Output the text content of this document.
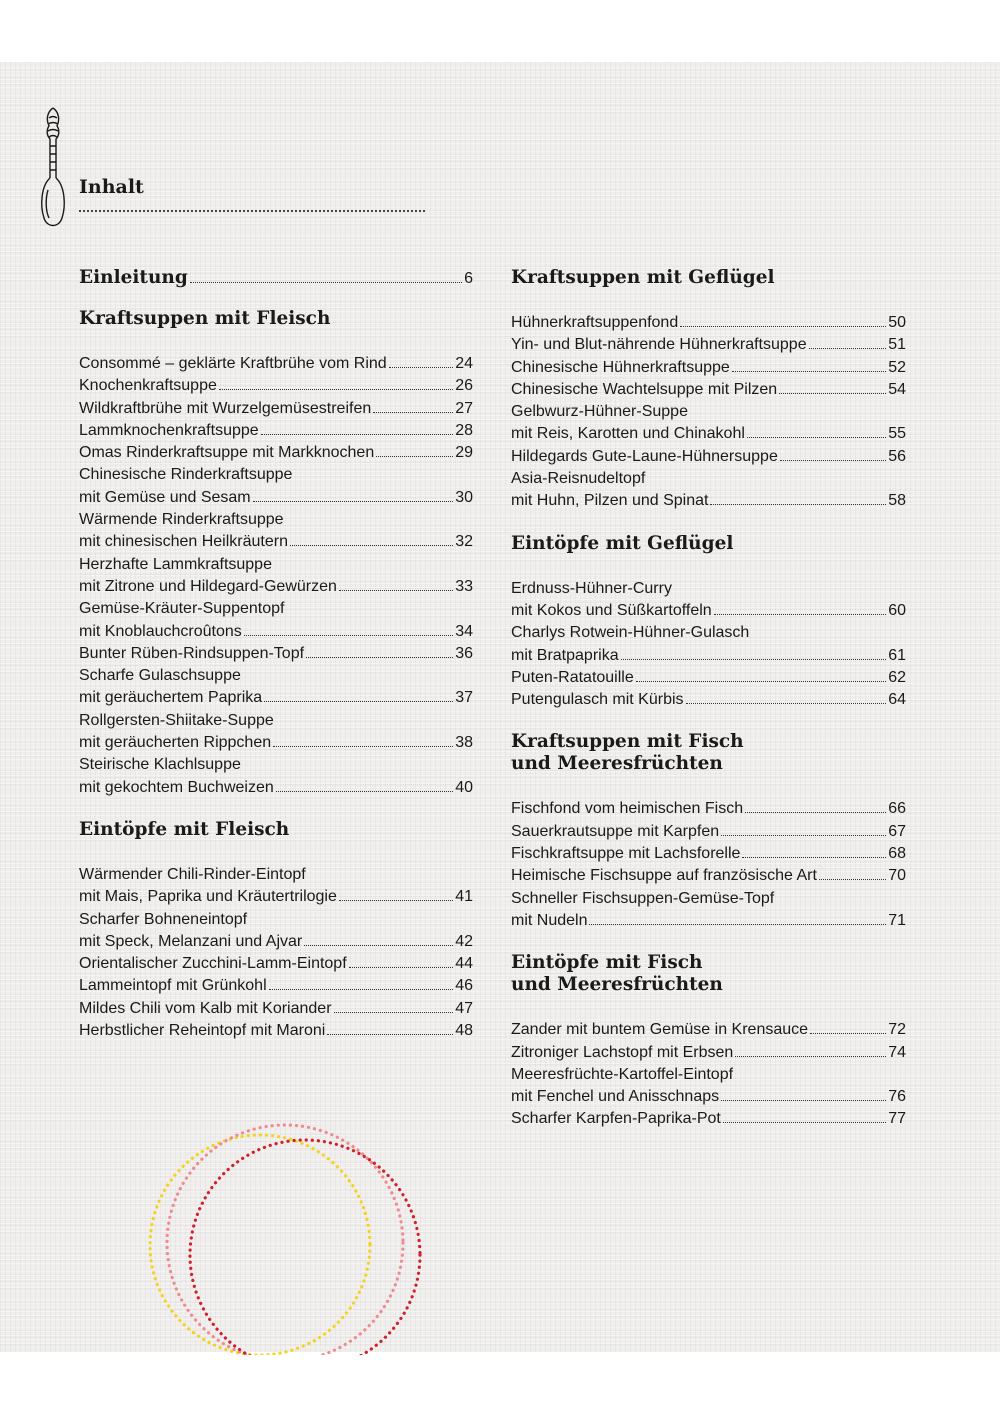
Inhalt
Einleitung	6
Kraftsuppen mit Fleisch
Consommé – geklärte Kraftbrühe vom Rind	24
Knochenkraftsuppe	26
Wildkraftbrühe mit Wurzelgemüsestreifen	27
Lammknochenkraftsuppe	28
Omas Rinderkraftsuppe mit Markknochen	29
Chinesische Rinderkraftsuppe
mit Gemüse und Sesam	30
Wärmende Rinderkraftsuppe
mit chinesischen Heilkräutern	32
Herzhafte Lammkraftsuppe
mit Zitrone und Hildegard-Gewürzen	33
Gemüse-Kräuter-Suppentopf
mit Knoblauchcroûtons	34
Bunter Rüben-Rindsuppen-Topf	36
Scharfe Gulaschsuppe
mit geräuchertem Paprika	37
Rollgersten-Shiitake-Suppe
mit geräucherten Rippchen	38
Steirische Klachlsuppe
mit gekochtem Buchweizen	40
Eintöpfe mit Fleisch
Wärmender Chili-Rinder-Eintopf
mit Mais, Paprika und Kräutertrilogie	41
Scharfer Bohneneintopf
mit Speck, Melanzani und Ajvar	42
Orientalischer Zucchini-Lamm-Eintopf	44
Lammeintopf mit Grünkohl	46
Mildes Chili vom Kalb mit Koriander	47
Herbstlicher Reheintopf mit Maroni	48
Kraftsuppen mit Geflügel
Hühnerkraftsuppenfond	50
Yin- und Blut-nährende Hühnerkraftsuppe	51
Chinesische Hühnerkraftsuppe	52
Chinesische Wachtelsuppe mit Pilzen	54
Gelbwurz-Hühner-Suppe
mit Reis, Karotten und Chinakohl	55
Hildegards Gute-Laune-Hühnersuppe	56
Asia-Reisnudeltopf
mit Huhn, Pilzen und Spinat	58
Eintöpfe mit Geflügel
Erdnuss-Hühner-Curry
mit Kokos und Süßkartoffeln	60
Charlys Rotwein-Hühner-Gulasch
mit Bratpaprika	61
Puten-Ratatouille	62
Putengulasch mit Kürbis	64
Kraftsuppen mit Fisch
und Meeresfrüchten
Fischfond vom heimischen Fisch	66
Sauerkrautsuppe mit Karpfen	67
Fischkraftsuppe mit Lachsforelle	68
Heimische Fischsuppe auf französische Art	70
Schneller Fischsuppen-Gemüse-Topf
mit Nudeln	71
Eintöpfe mit Fisch
und Meeresfrüchten
Zander mit buntem Gemüse in Krensauce	72
Zitroniger Lachstopf mit Erbsen	74
Meeresfrüchte-Kartoffel-Eintopf
mit Fenchel und Anisschnaps	76
Scharfer Karpfen-Paprika-Pot	77
